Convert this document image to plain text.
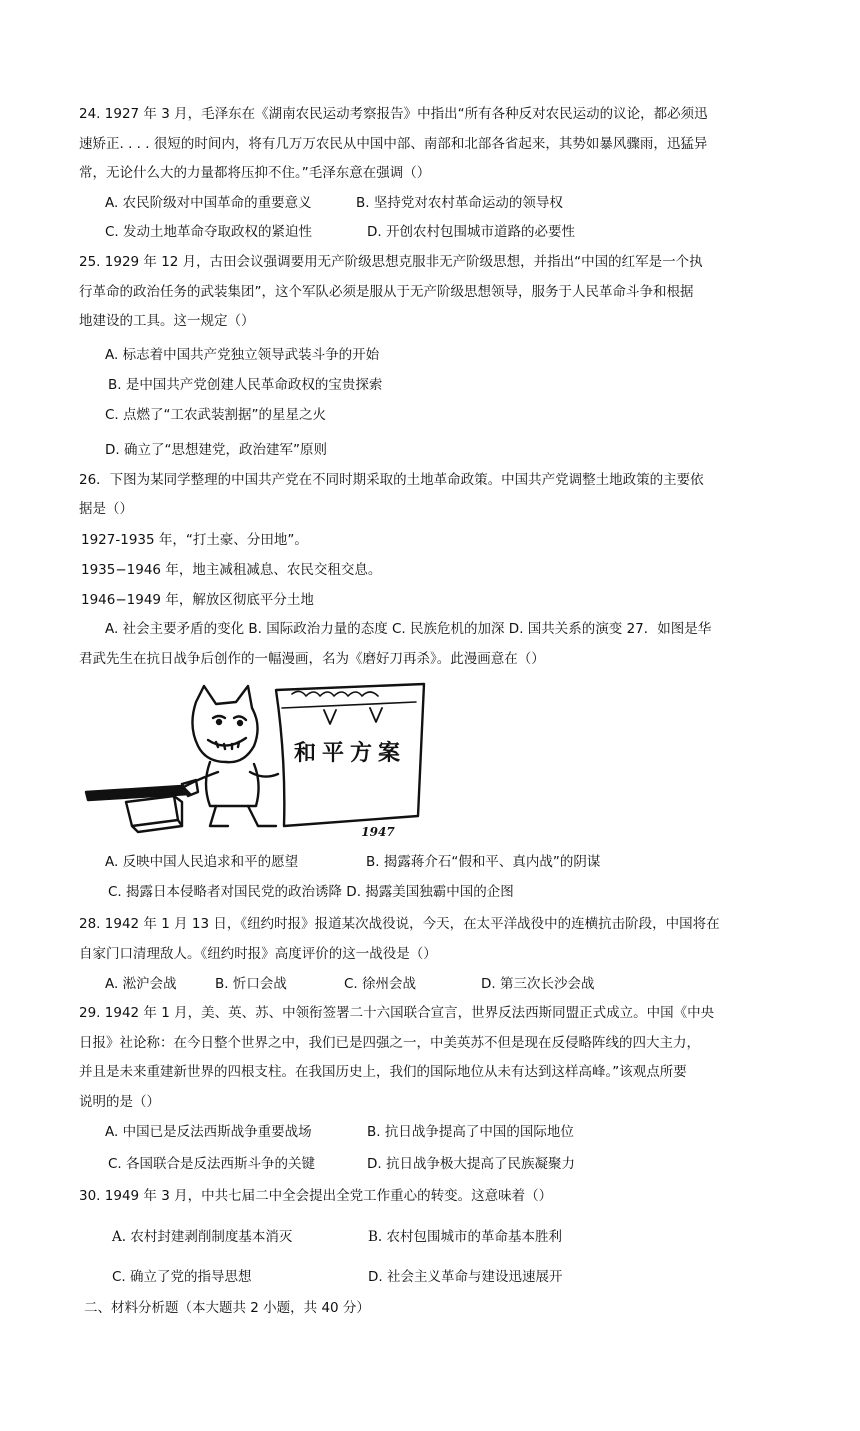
24. 1927 年 3 月，毛泽东在《湖南农民运动考察报告》中指出“所有各种反对农民运动的议论，都必须迅
速矫正. . . . 很短的时间内，将有几万万农民从中国中部、南部和北部各省起来，其势如暴风骤雨，迅猛异
常，无论什么大的力量都将压抑不住。”毛泽东意在强调（）
A. 农民阶级对中国革命的重要意义	B. 坚持党对农村革命运动的领导权
C. 发动土地革命夺取政权的紧迫性	D. 开创农村包围城市道路的必要性
25. 1929 年 12 月，古田会议强调要用无产阶级思想克服非无产阶级思想，并指出“中国的红军是一个执
行革命的政治任务的武装集团”，这个军队必须是服从于无产阶级思想领导，服务于人民革命斗争和根据
地建设的工具。这一规定（）
A. 标志着中国共产党独立领导武装斗争的开始
B. 是中国共产党创建人民革命政权的宝贵探索
C. 点燃了“工农武装割据”的星星之火
D. 确立了“思想建党，政治建军”原则
26．下图为某同学整理的中国共产党在不同时期采取的土地革命政策。中国共产党调整土地政策的主要依
据是（）
1927-1935 年，“打土豪、分田地”。
1935−1946 年，地主减租减息、农民交租交息。
1946−1949 年，解放区彻底平分土地
A. 社会主要矛盾的变化 B. 国际政治力量的态度 C. 民族危机的加深 D. 国共关系的演变 27．如图是华
君武先生在抗日战争后创作的一幅漫画，名为《磨好刀再杀》。此漫画意在（）
和平方案
1947
A. 反映中国人民追求和平的愿望	B. 揭露蒋介石“假和平、真内战”的阴谋
C. 揭露日本侵略者对国民党的政治诱降 D. 揭露美国独霸中国的企图
28. 1942 年 1 月 13 日，《纽约时报》报道某次战役说，今天，在太平洋战役中的连横抗击阶段，中国将在
自家门口清理敌人。《纽约时报》高度评价的这一战役是（）
A. 淞沪会战	B. 忻口会战	C. 徐州会战	D. 第三次长沙会战
29. 1942 年 1 月，美、英、苏、中领衔签署二十六国联合宣言，世界反法西斯同盟正式成立。中国《中央
日报》社论称：在今日整个世界之中，我们已是四强之一，中美英苏不但是现在反侵略阵线的四大主力，
并且是未来重建新世界的四根支柱。在我国历史上，我们的国际地位从未有达到这样高峰。”该观点所要
说明的是（）
A. 中国已是反法西斯战争重要战场	B. 抗日战争提高了中国的国际地位
C. 各国联合是反法西斯斗争的关键	D. 抗日战争极大提高了民族凝聚力
30. 1949 年 3 月，中共七届二中全会提出全党工作重心的转变。这意味着（）
A. 农村封建剥削制度基本消灭	B. 农村包围城市的革命基本胜利
C. 确立了党的指导思想	D. 社会主义革命与建设迅速展开
二、材料分析题（本大题共 2 小题，共 40 分）
